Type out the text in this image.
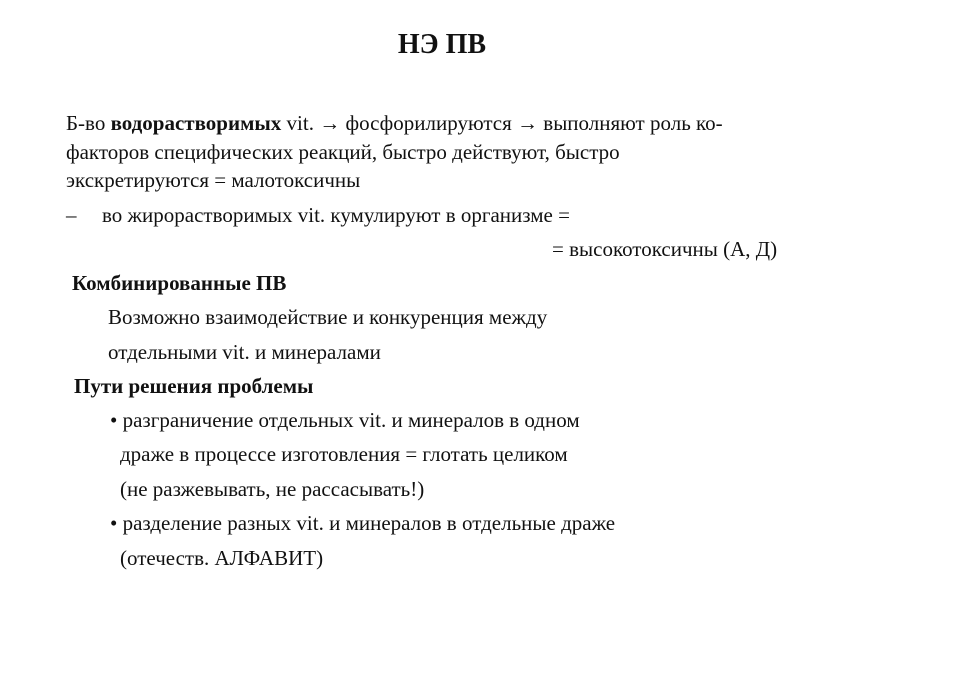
НЭ ПВ
Б-во водорастворимых vit. → фосфорилируются → выполняют роль ко-
факторов специфических реакций, быстро действуют, быстро
экскретируются = малотоксичны
– во жирорастворимых vit. кумулируют в организме =
= высокотоксичны (А, Д)
Комбинированные ПВ
Возможно взаимодействие и конкуренция между
отдельными vit. и минералами
Пути решения проблемы
• разграничение отдельных vit. и минералов в одном
драже в процессе изготовления = глотать целиком
(не разжевывать, не рассасывать!)
• разделение разных vit. и минералов в отдельные драже
(отечеств. АЛФАВИТ)
